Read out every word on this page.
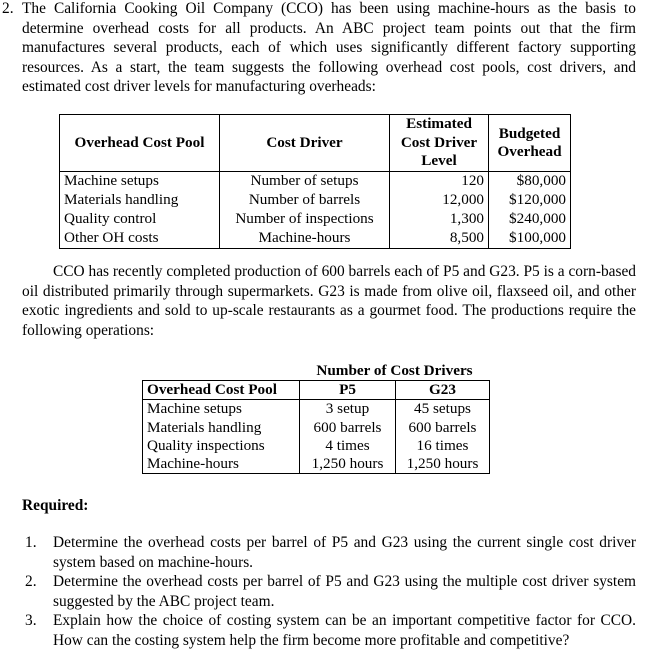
2. The California Cooking Oil Company (CCO) has been using machine-hours as the basis to determine overhead costs for all products. An ABC project team points out that the firm manufactures several products, each of which uses significantly different factory supporting resources. As a start, the team suggests the following overhead cost pools, cost drivers, and estimated cost driver levels for manufacturing overheads:

Overhead Cost Pool	Cost Driver	Estimated Cost Driver Level	Budgeted Overhead
Machine setups	Number of setups	120	$80,000
Materials handling	Number of barrels	12,000	$120,000
Quality control	Number of inspections	1,300	$240,000
Other OH costs	Machine-hours	8,500	$100,000

CCO has recently completed production of 600 barrels each of P5 and G23. P5 is a corn-based oil distributed primarily through supermarkets. G23 is made from olive oil, flaxseed oil, and other exotic ingredients and sold to up-scale restaurants as a gourmet food. The productions require the following operations:

	Number of Cost Drivers	
Overhead Cost Pool	P5	G23
Machine setups	3 setup	45 setups
Materials handling	600 barrels	600 barrels
Quality inspections	4 times	16 times
Machine-hours	1,250 hours	1,250 hours

Required:

1. Determine the overhead costs per barrel of P5 and G23 using the current single cost driver system based on machine-hours.
2. Determine the overhead costs per barrel of P5 and G23 using the multiple cost driver system suggested by the ABC project team.
3. Explain how the choice of costing system can be an important competitive factor for CCO. How can the costing system help the firm become more profitable and competitive?
